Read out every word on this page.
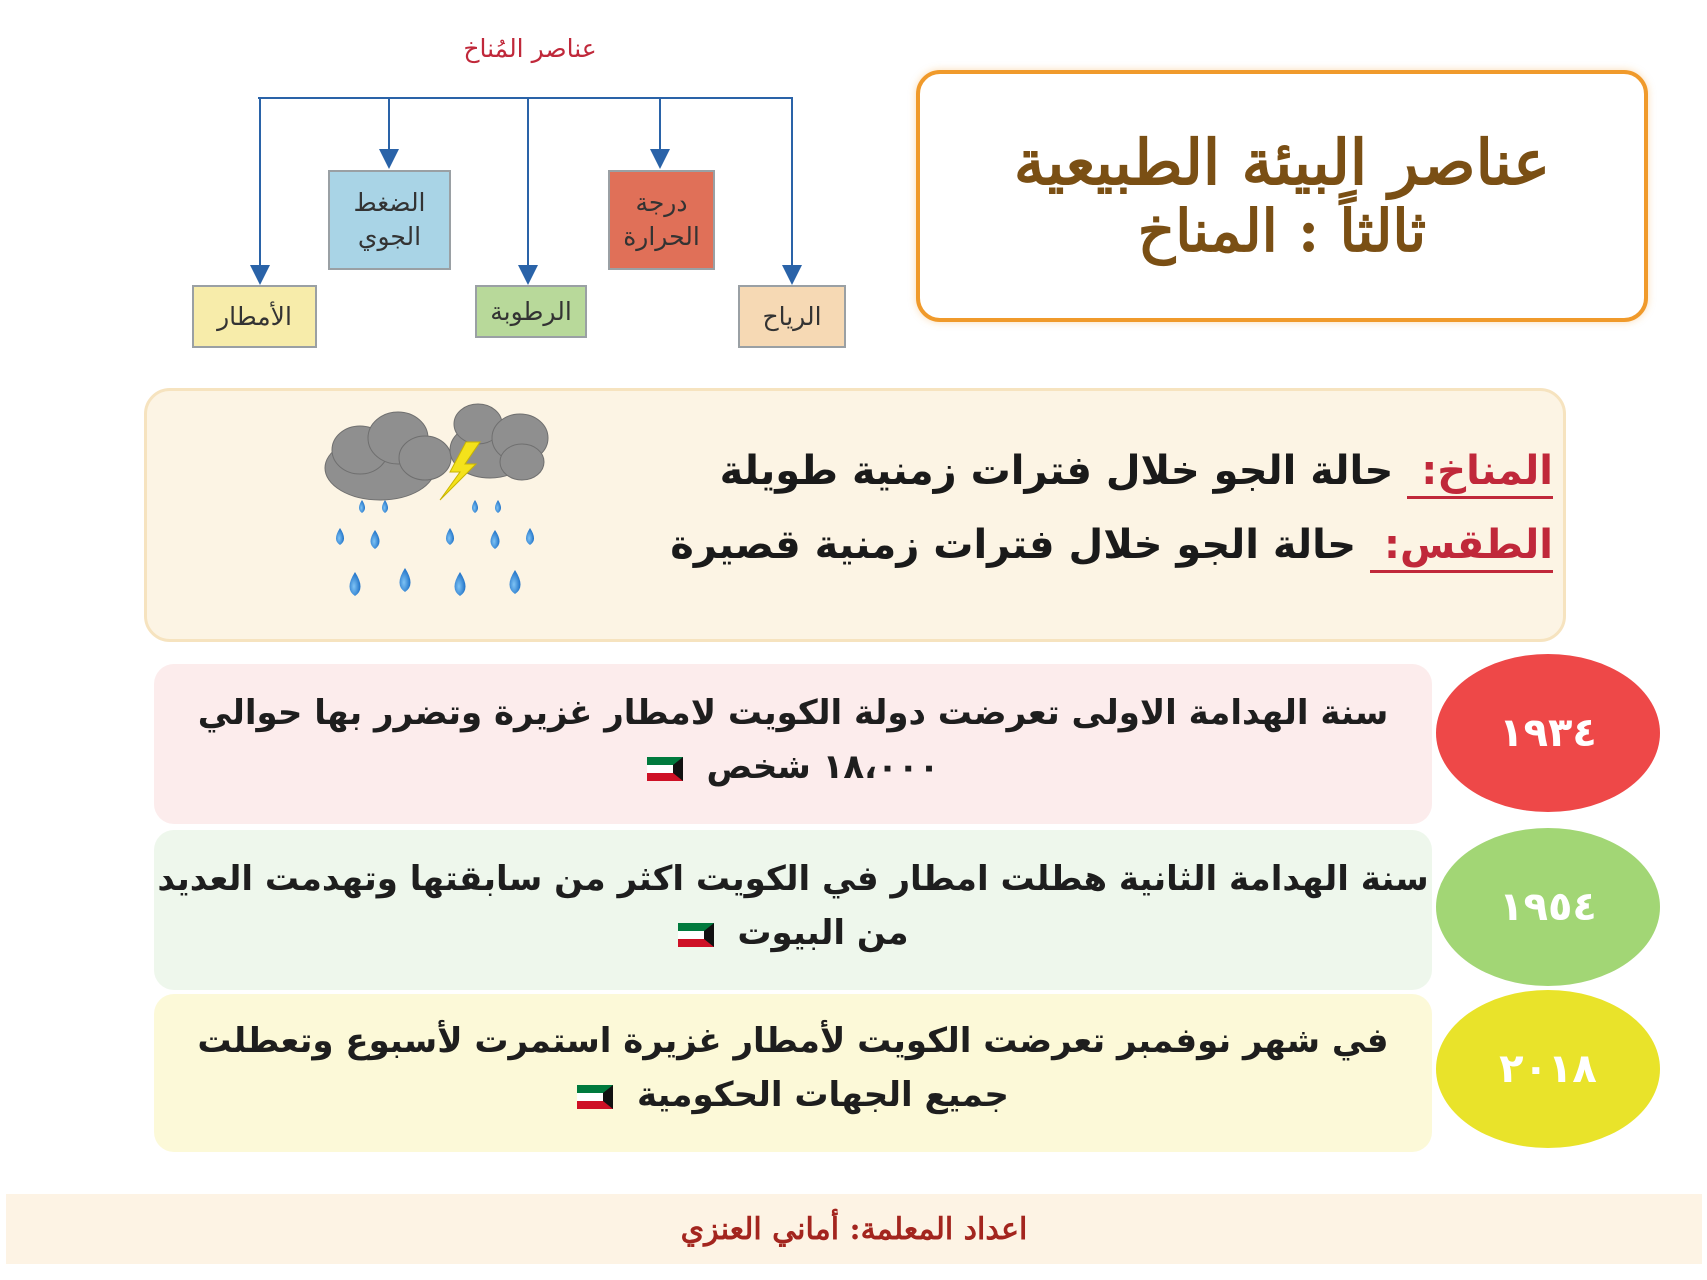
عناصر المُناخ
الضغط
الجوي
درجة
الحرارة
الأمطار	الرطوبة	الرياح
عناصر البيئة الطبيعية
ثالثاً : المناخ
المناخ: حالة الجو خلال فترات زمنية طويلة
الطقس: حالة الجو خلال فترات زمنية قصيرة
سنة الهدامة الاولى تعرضت دولة الكويت لامطار غزيرة وتضرر بها حوالي
١٨،٠٠٠ شخص
١٩٣٤
سنة الهدامة الثانية هطلت امطار في الكويت اكثر من سابقتها وتهدمت العديد
من البيوت
١٩٥٤
في شهر نوفمبر تعرضت الكويت لأمطار غزيرة استمرت لأسبوع وتعطلت
جميع الجهات الحكومية
٢٠١٨
اعداد المعلمة: أماني العنزي
